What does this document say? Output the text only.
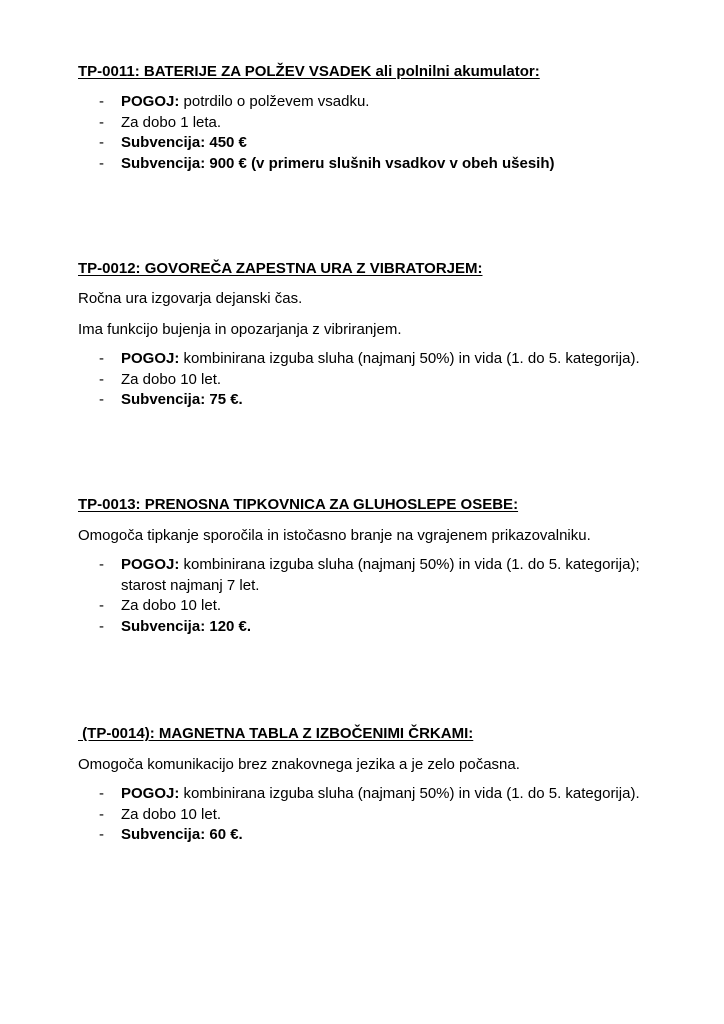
TP-0011: BATERIJE ZA POLŽEV VSADEK ali polnilni akumulator:

- POGOJ: potrdilo o polževem vsadku.
- Za dobo 1 leta.
- Subvencija: 450 €
- Subvencija: 900 € (v primeru slušnih vsadkov v obeh ušesih)

TP-0012: GOVOREČA ZAPESTNA URA Z VIBRATORJEM:

Ročna ura izgovarja dejanski čas.

Ima funkcijo bujenja in opozarjanja z vibriranjem.

- POGOJ: kombinirana izguba sluha (najmanj 50%) in vida (1. do 5. kategorija).
- Za dobo 10 let.
- Subvencija: 75 €.

TP-0013: PRENOSNA TIPKOVNICA ZA GLUHOSLEPE OSEBE:

Omogoča tipkanje sporočila in istočasno branje na vgrajenem prikazovalniku.

- POGOJ: kombinirana izguba sluha (najmanj 50%) in vida (1. do 5. kategorija); starost najmanj 7 let.
- Za dobo 10 let.
- Subvencija: 120 €.

(TP-0014): MAGNETNA TABLA Z IZBOČENIMI ČRKAMI:

Omogoča komunikacijo brez znakovnega jezika a je zelo počasna.

- POGOJ: kombinirana izguba sluha (najmanj 50%) in vida (1. do 5. kategorija).
- Za dobo 10 let.
- Subvencija: 60 €.
